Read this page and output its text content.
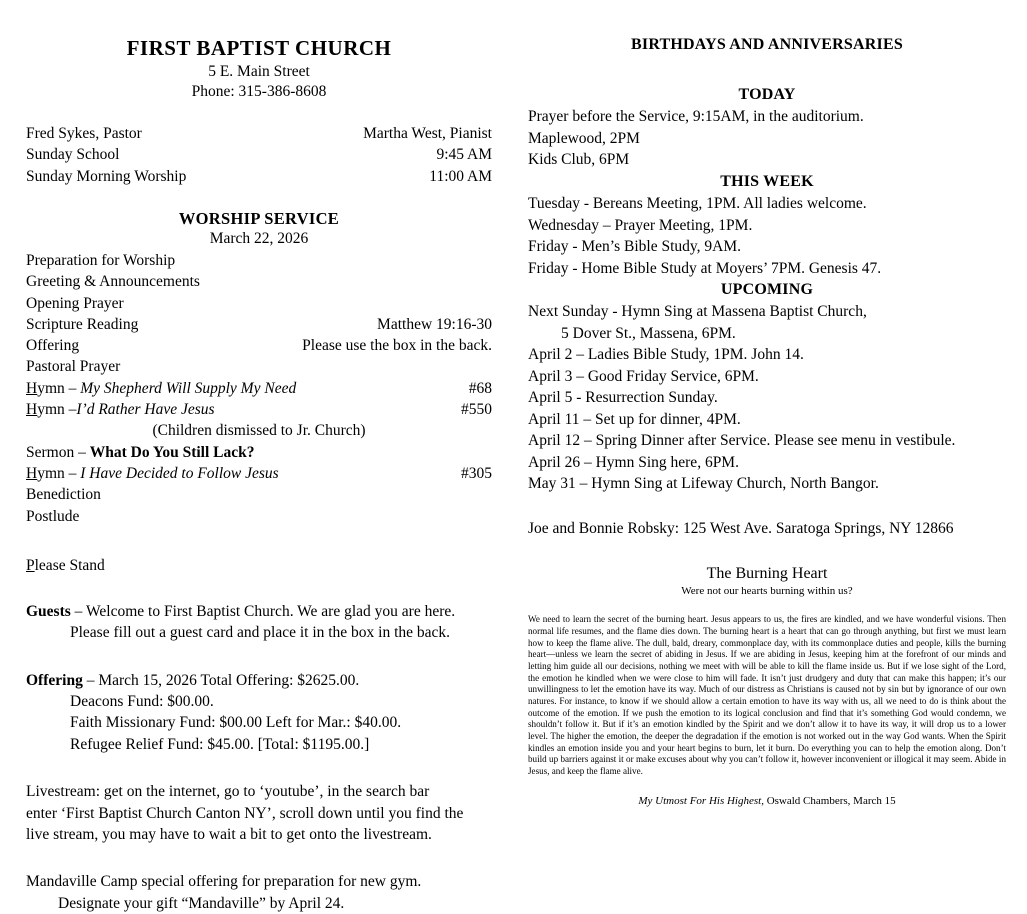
FIRST BAPTIST CHURCH
5 E. Main Street
Phone: 315-386-8608
Fred Sykes, Pastor	Martha West, Pianist
Sunday School	9:45 AM
Sunday Morning Worship	11:00 AM
WORSHIP SERVICE
March 22, 2026
Preparation for Worship
Greeting & Announcements
Opening Prayer
Scripture Reading	Matthew 19:16-30
Offering	Please use the box in the back.
Pastoral Prayer
Hymn – My Shepherd Will Supply My Need	#68
Hymn –I’d Rather Have Jesus	#550
(Children dismissed to Jr. Church)
Sermon – What Do You Still Lack?
Hymn – I Have Decided to Follow Jesus	#305
Benediction
Postlude
Please Stand
Guests – Welcome to First Baptist Church. We are glad you are here.
Please fill out a guest card and place it in the box in the back.
Offering – March 15, 2026 Total Offering: $2625.00.
Deacons Fund: $00.00.
Faith Missionary Fund: $00.00 Left for Mar.: $40.00.
Refugee Relief Fund: $45.00. [Total: $1195.00.]
Livestream: get on the internet, go to ‘youtube’, in the search bar
enter ‘First Baptist Church Canton NY’, scroll down until you find the
live stream, you may have to wait a bit to get onto the livestream.
Mandaville Camp special offering for preparation for new gym.
Designate your gift “Mandaville” by April 24.
BIRTHDAYS AND ANNIVERSARIES
TODAY
Prayer before the Service, 9:15AM, in the auditorium.
Maplewood, 2PM
Kids Club, 6PM
THIS WEEK
Tuesday - Bereans Meeting, 1PM. All ladies welcome.
Wednesday – Prayer Meeting, 1PM.
Friday - Men’s Bible Study, 9AM.
Friday - Home Bible Study at Moyers’ 7PM. Genesis 47.
UPCOMING
Next Sunday - Hymn Sing at Massena Baptist Church,
5 Dover St., Massena, 6PM.
April 2 – Ladies Bible Study, 1PM. John 14.
April 3 – Good Friday Service, 6PM.
April 5 - Resurrection Sunday.
April 11 – Set up for dinner, 4PM.
April 12 – Spring Dinner after Service. Please see menu in vestibule.
April 26 – Hymn Sing here, 6PM.
May 31 – Hymn Sing at Lifeway Church, North Bangor.
Joe and Bonnie Robsky: 125 West Ave. Saratoga Springs, NY 12866
The Burning Heart
Were not our hearts burning within us?
We need to learn the secret of the burning heart. Jesus appears to us, the fires are kindled, and we have wonderful visions. Then normal life resumes, and the flame dies down. The burning heart is a heart that can go through anything, but first we must learn how to keep the flame alive. The dull, bald, dreary, commonplace day, with its commonplace duties and people, kills the burning heart—unless we learn the secret of abiding in Jesus. If we are abiding in Jesus, keeping him at the forefront of our minds and letting him guide all our decisions, nothing we meet with will be able to kill the flame inside us. But if we lose sight of the Lord, the emotion he kindled when we were close to him will fade. It isn’t just drudgery and duty that can make this happen; it’s our unwillingness to let the emotion have its way. Much of our distress as Christians is caused not by sin but by ignorance of our own natures. For instance, to know if we should allow a certain emotion to have its way with us, all we need to do is think about the outcome of the emotion. If we push the emotion to its logical conclusion and find that it’s something God would condemn, we shouldn’t follow it. But if it’s an emotion kindled by the Spirit and we don’t allow it to have its way, it will drop us to a lower level. The higher the emotion, the deeper the degradation if the emotion is not worked out in the way God wants. When the Spirit kindles an emotion inside you and your heart begins to burn, let it burn. Do everything you can to help the emotion along. Don’t build up barriers against it or make excuses about why you can’t follow it, however inconvenient or illogical it may seem. Abide in Jesus, and keep the flame alive.
My Utmost For His Highest, Oswald Chambers, March 15
